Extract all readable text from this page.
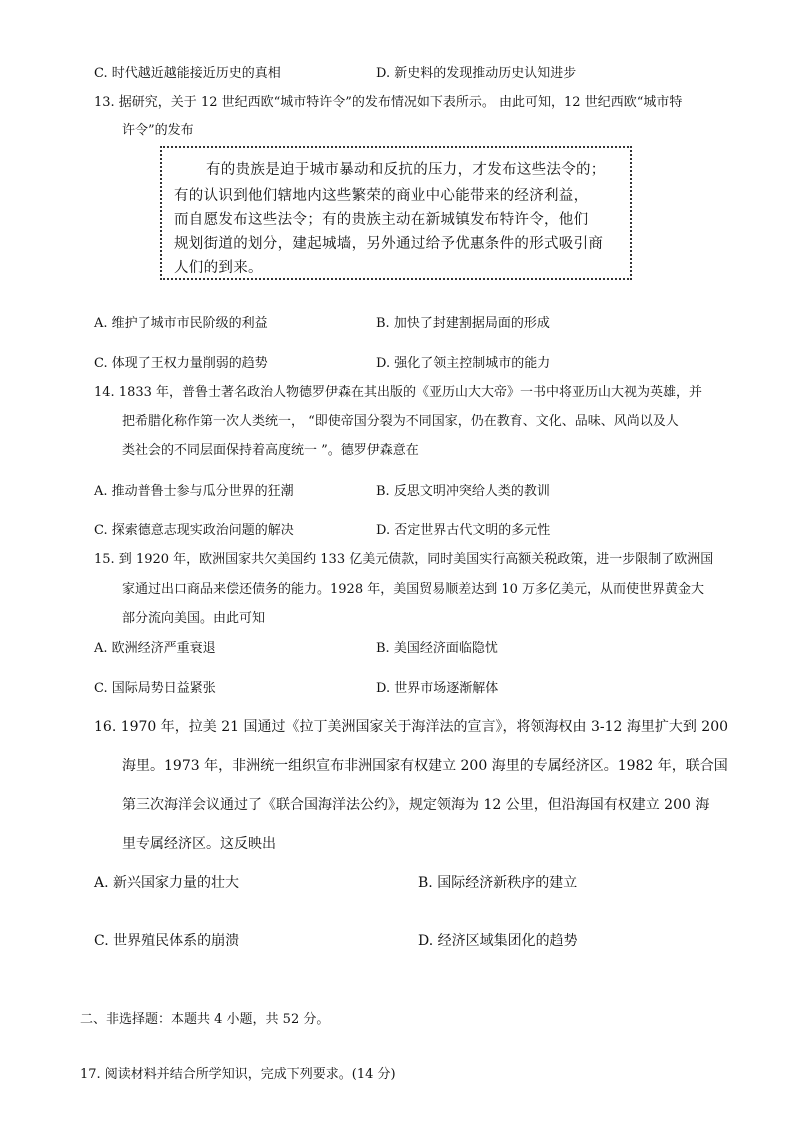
C. 时代越近越能接近历史的真相	D. 新史料的发现推动历史认知进步
13. 据研究，关于 12 世纪西欧“城市特许令”的发布情况如下表所示。 由此可知，12 世纪西欧“城市特
许令”的发布
有的贵族是迫于城市暴动和反抗的压力，才发布这些法令的；
有的认识到他们辖地内这些繁荣的商业中心能带来的经济利益，
而自愿发布这些法令；有的贵族主动在新城镇发布特许令，他们
规划街道的划分，建起城墙，另外通过给予优惠条件的形式吸引商
人们的到来。
A. 维护了城市市民阶级的利益	B. 加快了封建割据局面的形成
C. 体现了王权力量削弱的趋势	D. 强化了领主控制城市的能力
14. 1833 年，普鲁士著名政治人物德罗伊森在其出版的《亚历山大大帝》一书中将亚历山大视为英雄，并
把希腊化称作第一次人类统一， “即使帝国分裂为不同国家，仍在教育、文化、品味、风尚以及人
类社会的不同层面保持着高度统一 ”。德罗伊森意在
A. 推动普鲁士参与瓜分世界的狂潮	B. 反思文明冲突给人类的教训
C. 探索德意志现实政治问题的解决	D. 否定世界古代文明的多元性
15. 到 1920 年，欧洲国家共欠美国约 133 亿美元债款，同时美国实行高额关税政策，进一步限制了欧洲国
家通过出口商品来偿还债务的能力。1928 年，美国贸易顺差达到 10 万多亿美元，从而使世界黄金大
部分流向美国。由此可知
A. 欧洲经济严重衰退	B. 美国经济面临隐忧
C. 国际局势日益紧张	D. 世界市场逐渐解体
16. 1970 年，拉美 21 国通过《拉丁美洲国家关于海洋法的宣言》，将领海权由 3-12 海里扩大到 200
海里。1973 年，非洲统一组织宣布非洲国家有权建立 200 海里的专属经济区。1982 年，联合国
第三次海洋会议通过了《联合国海洋法公约》，规定领海为 12 公里，但沿海国有权建立 200 海
里专属经济区。这反映出
A. 新兴国家力量的壮大	B. 国际经济新秩序的建立
C. 世界殖民体系的崩溃	D. 经济区域集团化的趋势
二、非选择题：本题共 4 小题，共 52 分。
17. 阅读材料并结合所学知识，完成下列要求。(14 分)
